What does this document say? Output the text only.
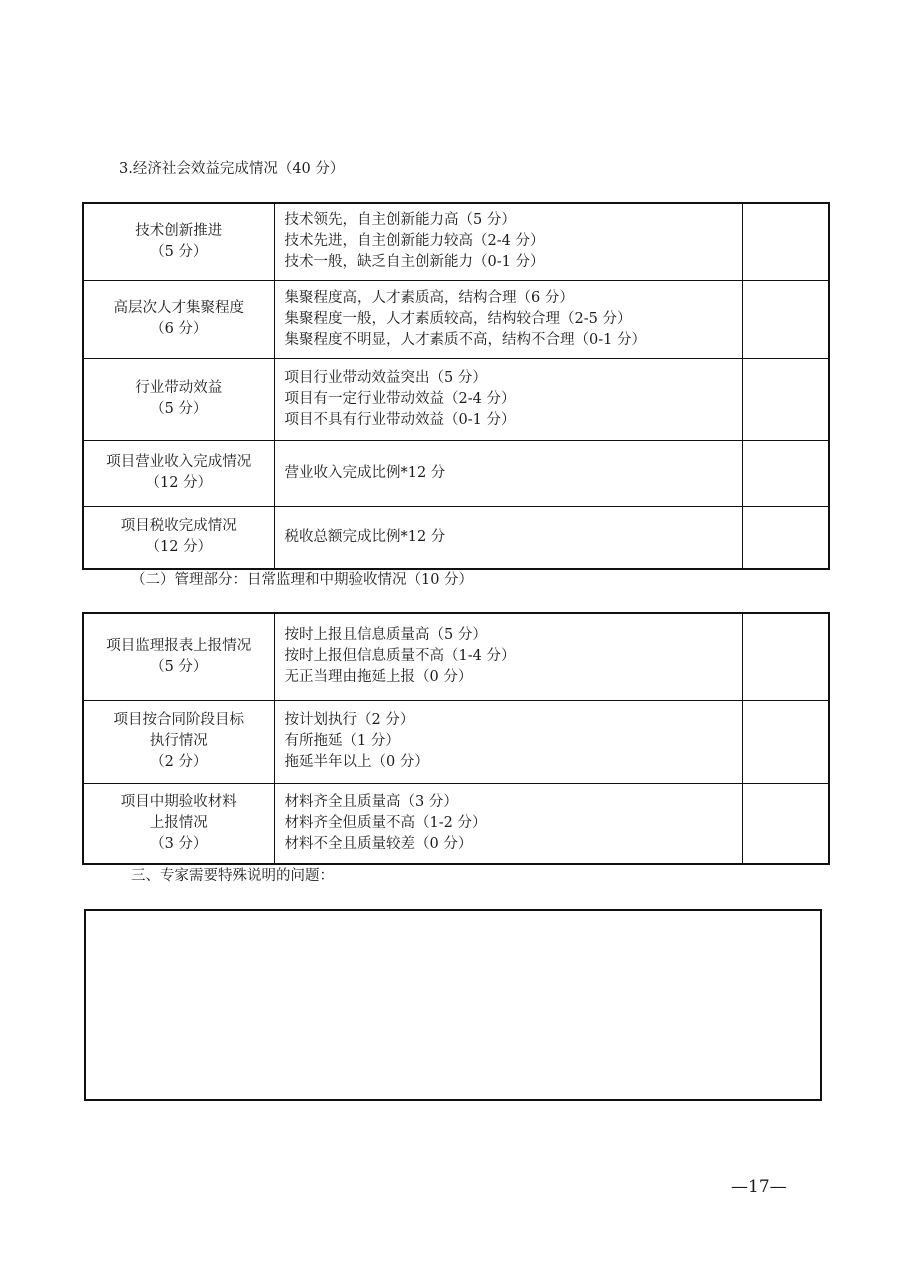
3.经济社会效益完成情况（40 分）
技术创新推进
（5 分）	技术领先，自主创新能力高（5 分）
技术先进，自主创新能力较高（2-4 分）
技术一般，缺乏自主创新能力（0-1 分）	

高层次人才集聚程度
（6 分）	集聚程度高，人才素质高，结构合理（6 分）
集聚程度一般，人才素质较高，结构较合理（2-5 分）
集聚程度不明显，人才素质不高，结构不合理（0-1 分）	

行业带动效益
（5 分）	项目行业带动效益突出（5 分）
项目有一定行业带动效益（2-4 分）
项目不具有行业带动效益（0-1 分）	

项目营业收入完成情况
（12 分）	营业收入完成比例*12 分	

项目税收完成情况
（12 分）	税收总额完成比例*12 分	

（二）管理部分：日常监理和中期验收情况（10 分）
项目监理报表上报情况
（5 分）	按时上报且信息质量高（5 分）
按时上报但信息质量不高（1-4 分）
无正当理由拖延上报（0 分）	

项目按合同阶段目标
执行情况
（2 分）	按计划执行（2 分）
有所拖延（1 分）
拖延半年以上（0 分）	

项目中期验收材料
上报情况
（3 分）	材料齐全且质量高（3 分）
材料齐全但质量不高（1-2 分）
材料不全且质量较差（0 分）	

三、专家需要特殊说明的问题：
—17—
